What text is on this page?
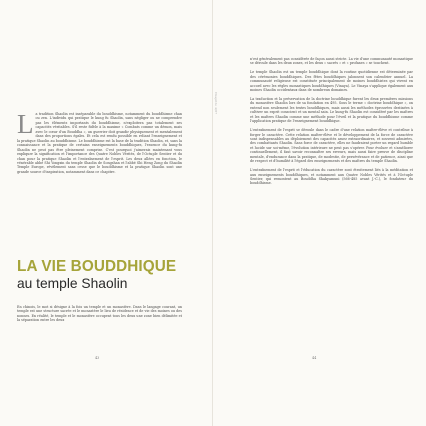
La tradition Shaolin est inséparable du bouddhisme, notamment du bouddhisme chan ou zen. L'individu qui pratique le kung fu Shaolin, sans négliger ou ne comprendre pas les éléments importants du bouddhisme, n'exploitera pas totalement ses capacités véritables. S'il reste fidèle à la maxime « Combats comme un démon, mais avec le cœur d'un Bouddha », un guerrier doit grandir physiquement et mentalement dans des proportions égales. Et cela est rendu possible en reliant l'enseignement et la pratique Shaolin au bouddhisme. Le bouddhisme est la base de la tradition Shaolin, et, sans la connaissance et la pratique de certains enseignements bouddhiques, l'essence du kung-fu Shaolin ne peut pas être pleinement comprise. C'est pourquoi j'aimerais maintenant vous expliquer la signification et l'importance des Quatre Nobles Vérités, de l'Octuple Sentier et du chan pour la pratique Shaolin et l'entraînement de l'esprit. Les deux allées en fonction, le vénérable abbé Shi Yongxin du temple Shaolin de Songshan et l'abbé Shi Heng Zong du Shaolin Temple Europe, révèlement sans cesse que le bouddhisme et la pratique Shaolin sont une grande source d'inspiration, notamment dans ce chapitre.

LA VIE BOUDDHIQUE
au temple Shaolin
En chinois, le mot si désigne à la fois un temple et un monastère. Dans le langage courant, un temple est une structure sacrée et le monastère le lieu de résidence et de vie des moines ou des nonnes. En réalité, le temple et le monastère occupent tous les deux une zone bien délimitée et la séparation entre les deux
43
Chapitre 4/87

n'est généralement pas considérée de façon aussi stricte. La vie d'une communauté monastique se déroule dans les deux zones, et les deux « sacrés » et « profanes » se touchent.

Le temple Shaolin est un temple bouddhique dont la routine quotidienne est déterminée par des cérémonies bouddhiques. Des fêtes bouddhiques jalonnent son calendrier annuel. La communauté religieuse est constituée principalement de moines bouddhistes qui vivent en accord avec les règles monastiques bouddhiques (Vinaya). Le Vinaya s'applique également aux moines Shaolin occidentaux dans de nombreux domaines.

La traduction et la préservation de la doctrine bouddhique furent les deux premières missions du monastère Shaolin lors de sa fondation en 495. Sous le terme « doctrine bouddhique », on entend non seulement les textes bouddhiques, mais aussi les méthodes éprouvées destinées à cultiver un esprit conscient et un mental sain. Le kung-fu Shaolin est considéré par les maîtres et les maîtres Shaolin comme une méthode pour l'éveil et la pratique du bouddhisme comme l'application pratique de l'enseignement bouddhique.

L'entraînement de l'esprit se déroule dans le cadre d'une relation maître-élève et contribue à forger le caractère. Cette relation maître-élève et le développement de la force de caractère sont indispensables au déploiement des capacités assez extraordinaires, et souvent admirées, des combattants Shaolin. Sans force de caractère, elles ne faudraient porter un regard humble et lucide sur soi-même, l'évolution intérieure ne peut pas s'opérer. Pour évoluer et s'améliorer continuellement, il faut savoir reconnaître ses erreurs, mais aussi faire preuve de discipline mentale, d'endurance dans la pratique, de modestie, de persévérance et de patience, ainsi que de respect et d'humilité à l'égard des enseignements et des maîtres du temple Shaolin.

L'entraînement de l'esprit et l'éducation du caractère sont étroitement liés à la méditation et aux enseignements bouddhiques, et notamment aux Quatre Nobles Vérités et à l'Octuple Sentier, qui remontent au Bouddha Shakyamuni (566-485 avant J.-C.), le fondateur du bouddhisme.

44
